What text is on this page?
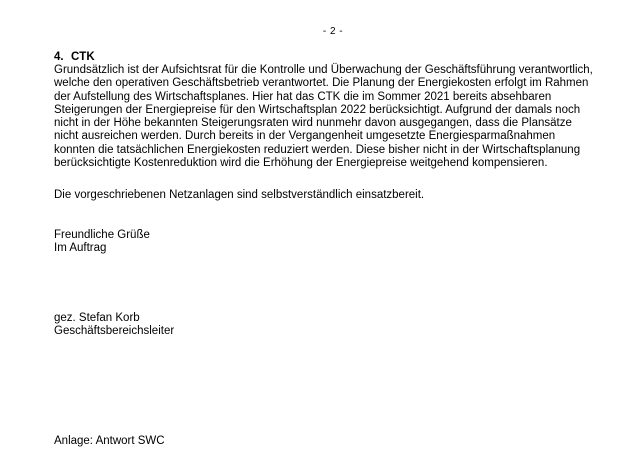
- 2 -
4. CTK
Grundsätzlich ist der Aufsichtsrat für die Kontrolle und Überwachung der Geschäftsführung verantwortlich,
welche den operativen Geschäftsbetrieb verantwortet. Die Planung der Energiekosten erfolgt im Rahmen
der Aufstellung des Wirtschaftsplanes. Hier hat das CTK die im Sommer 2021 bereits absehbaren
Steigerungen der Energiepreise für den Wirtschaftsplan 2022 berücksichtigt. Aufgrund der damals noch
nicht in der Höhe bekannten Steigerungsraten wird nunmehr davon ausgegangen, dass die Plansätze
nicht ausreichen werden. Durch bereits in der Vergangenheit umgesetzte Energiesparmaßnahmen
konnten die tatsächlichen Energiekosten reduziert werden. Diese bisher nicht in der Wirtschaftsplanung
berücksichtigte Kostenreduktion wird die Erhöhung der Energiepreise weitgehend kompensieren.
Die vorgeschriebenen Netzanlagen sind selbstverständlich einsatzbereit.
Freundliche Grüße
Im Auftrag
gez. Stefan Korb
Geschäftsbereichsleiter
Anlage: Antwort SWC
